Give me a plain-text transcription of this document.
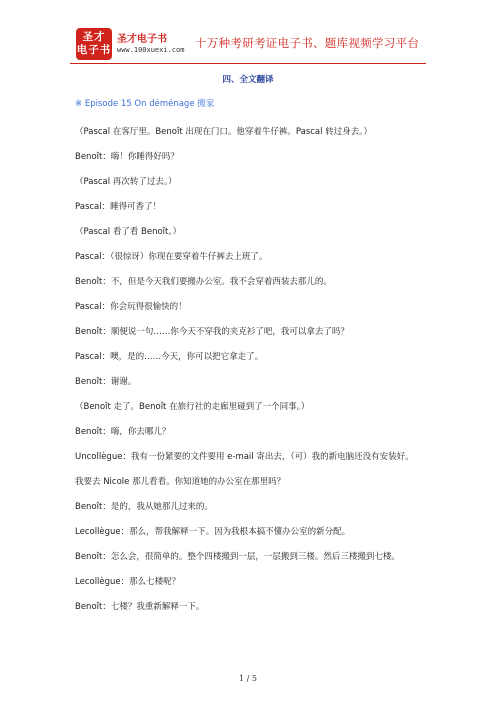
圣才
电子书
圣才电子书
www.100xuexi.com 十万种考研考证电子书、题库视频学习平台
四、全文翻译
※ Episode 15 On déménage 搬家
（Pascal 在客厅里。Benoît 出现在门口。他穿着牛仔裤。Pascal 转过身去。）
Benoît：嗨！你睡得好吗？
（Pascal 再次转了过去。）
Pascal：睡得可香了！
（Pascal 看了看 Benoît。）
Pascal：（很惊讶）你现在要穿着牛仔裤去上班了。
Benoît：不，但是今天我们要搬办公室。我不会穿着西装去那儿的。
Pascal：你会玩得很愉快的！
Benoît：顺便说一句……你今天不穿我的夹克衫了吧，我可以拿去了吗？
Pascal：噢，是的……今天，你可以把它拿走了。
Benoît：谢谢。
（Benoît 走了。Benoît 在旅行社的走廊里碰到了一个同事。）
Benoît：嗨，你去哪儿？
Uncollègue：我有一份紧要的文件要用 e-mail 寄出去，（可）我的新电脑还没有安装好。
我要去 Nicole 那儿看看。你知道她的办公室在那里吗？
Benoît：是的，我从她那儿过来的。
Lecollègue：那么，帮我解释一下。因为我根本搞不懂办公室的新分配。
Benoît：怎么会，很简单的。整个四楼搬到一层，一层搬到三楼。然后三楼搬到七楼。
Lecollègue：那么七楼呢？
Benoît：七楼？我重新解释一下。
1 / 5
